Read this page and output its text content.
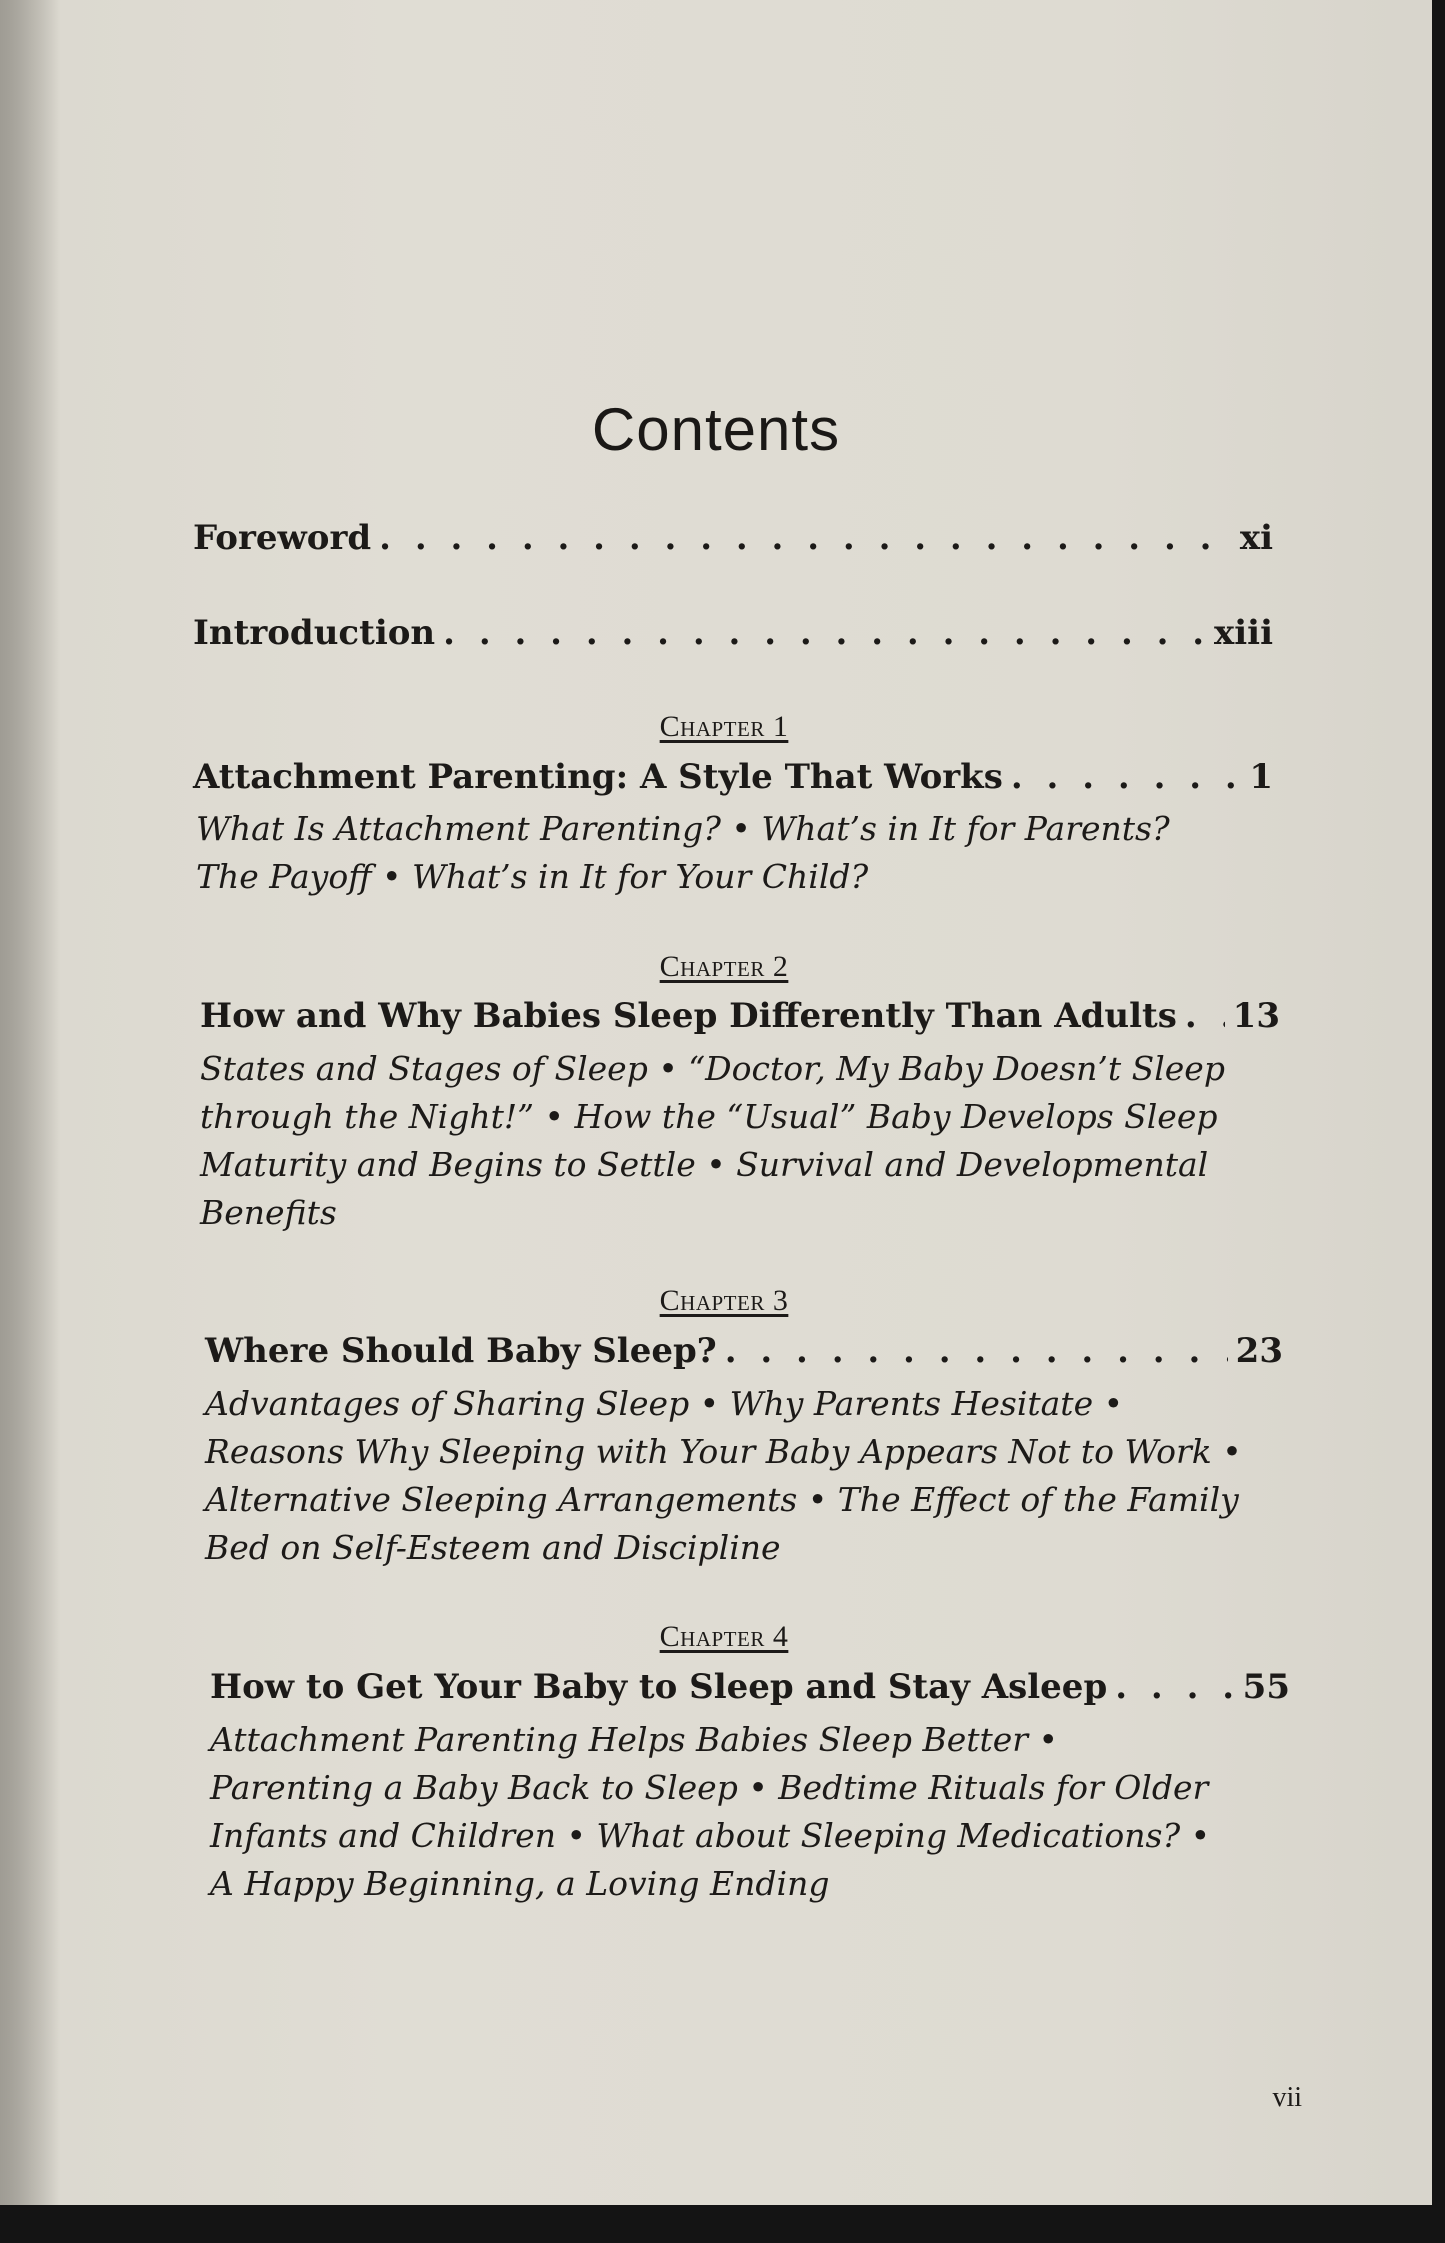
Contents
Foreword . . .	xi
Introduction . . .	xiii
Chapter 1
Attachment Parenting: A Style That Works . . .	1
What Is Attachment Parenting? • What’s in It for Parents?
The Payoff • What’s in It for Your Child?
Chapter 2
How and Why Babies Sleep Differently Than Adults . . . 13
States and Stages of Sleep • “Doctor, My Baby Doesn’t Sleep
through the Night!” • How the “Usual” Baby Develops Sleep
Maturity and Begins to Settle • Survival and Developmental
Benefits
Chapter 3
Where Should Baby Sleep? . . .	23
Advantages of Sharing Sleep • Why Parents Hesitate •
Reasons Why Sleeping with Your Baby Appears Not to Work •
Alternative Sleeping Arrangements • The Effect of the Family
Bed on Self-Esteem and Discipline
Chapter 4
How to Get Your Baby to Sleep and Stay Asleep . . .	55
Attachment Parenting Helps Babies Sleep Better •
Parenting a Baby Back to Sleep • Bedtime Rituals for Older
Infants and Children • What about Sleeping Medications? •
A Happy Beginning, a Loving Ending
vii
